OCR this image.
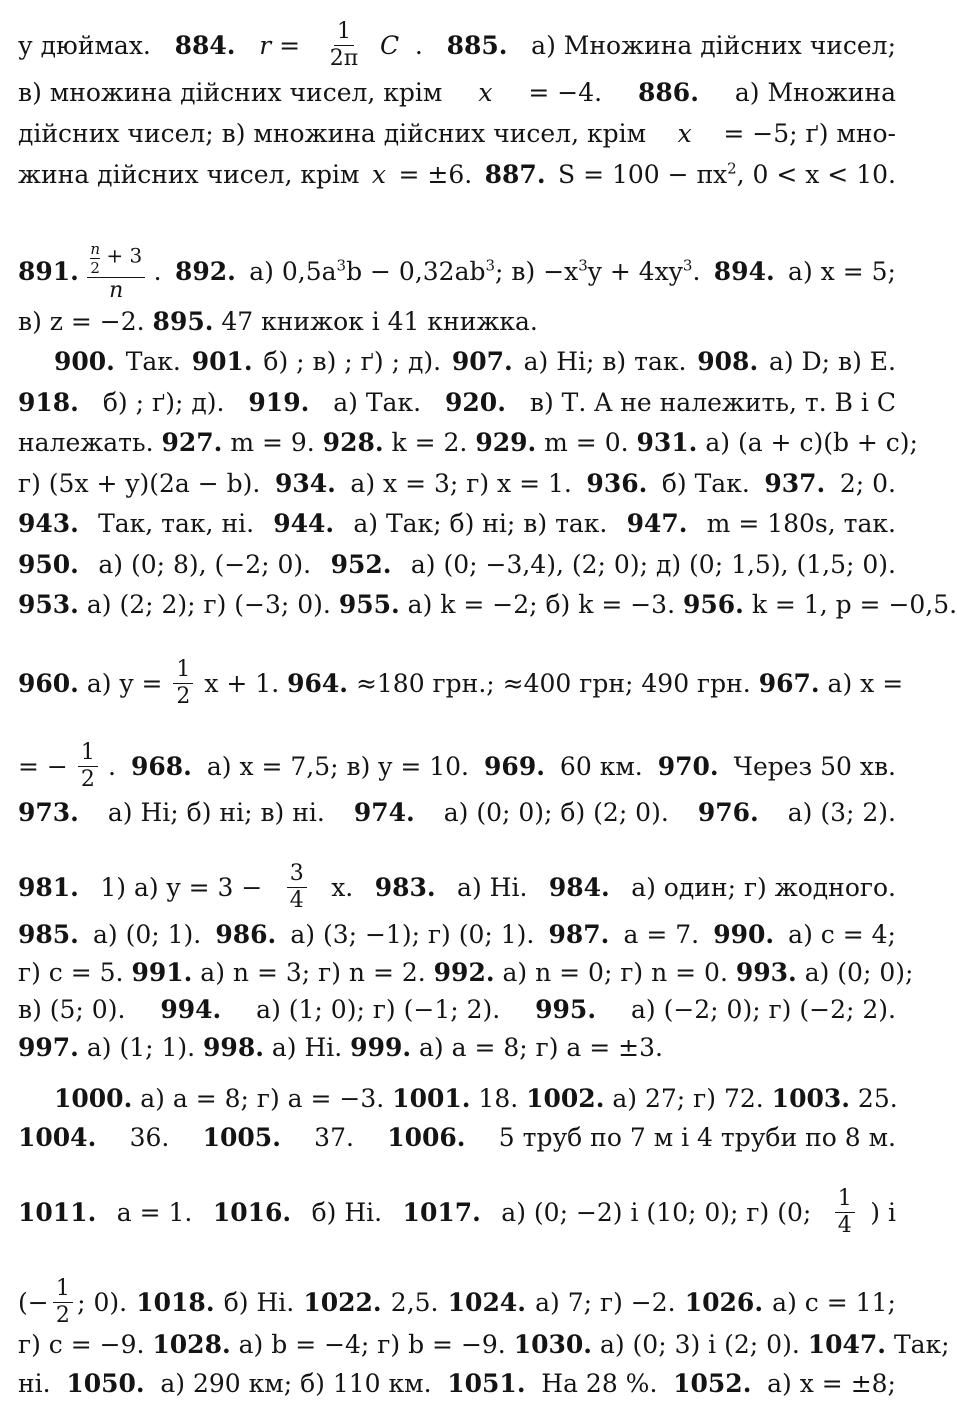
у дюймах. 884. $r = \frac{1}{2\pi}$ C . 885. а) Множина дійсних чисел;
в) множина дійсних чисел, крім x = −4. 886. а) Множина
дійсних чисел; в) множина дійсних чисел, крім x = −5; ґ) мно-
жина дійсних чисел, крім x = ±6. 887. $S = 100 - \pi x^2$, 0 < x < 10.
891. $\frac{\frac{n}{2} + 3}{n}$ . 892. а) $0,5a^3b - 0,32ab^3$; $в) -x^3y + 4xy^3$. 894. а) x = 5;
в) z = −2. 895. 47 книжок і 41 книжка.
900. Так. 901. б) ; в) ; ґ) ; д). 907. а) Ні; в) так. 908. а) D; в) E.
918. б) ; ґ); д). 919. а) Так. 920. в) Т. A не належить, т. B і C
належать. 927. m = 9. 928. k = 2. 929. m = 0. 931. а) (a + c)(b + c);
г) (5x + y)(2a − b). 934. а) x = 3; г) x = 1. 936. б) Так. 937. 2; 0.
943. Так, так, ні. 944. а) Так; б) ні; в) так. 947. m = 180s, так.
950. а) (0; 8), (−2; 0). 952. а) (0; −3,4), (2; 0); д) (0; 1,5), (1,5; 0).
953. а) (2; 2); г) (−3; 0). 955. а) k = −2; б) k = −3. 956. k = 1, p = −0,5.
960. а) $y = \frac{1}{2}$ x + 1. 964. ≈180 грн.; ≈400 грн; 490 грн. 967. а) x =
= − $\frac{1}{2}$ . 968. а) x = 7,5; в) y = 10. 969. 60 км. 970. Через 50 хв.
973. а) Ні; б) ні; в) ні. 974. а) (0; 0); б) (2; 0). 976. а) (3; 2).
981. 1) а) $y = 3 - \frac{3}{4} x$. 983. а) Ні. 984. а) один; г) жодного.
985. а) (0; 1). 986. а) (3; −1); г) (0; 1). 987. a = 7. 990. а) c = 4;
г) c = 5. 991. а) n = 3; г) n = 2. 992. а) n = 0; г) n = 0. 993. а) (0; 0);
в) (5; 0). 994. а) (1; 0); г) (−1; 2). 995. а) (−2; 0); г) (−2; 2).
997. а) (1; 1). 998. а) Ні. 999. а) a = 8; г) a = ±3.
1000. а) a = 8; г) a = −3. 1001. 18. 1002. а) 27; г) 72. 1003. 25.
1004. 36. 1005. 37. 1006. 5 труб по 7 м і 4 труби по 8 м.
1011. a = 1. 1016. б) Ні. 1017. а) (0; −2) і (10; 0); г) (0; $\frac{1}{4}$ ) і
(− $\frac{1}{2}$ ; 0). 1018. б) Ні. 1022. 2,5. 1024. а) 7; г) −2. 1026. а) c = 11;
г) c = −9. 1028. а) b = −4; г) b = −9. 1030. а) (0; 3) і (2; 0). 1047. Так;
ні. 1050. а) 290 км; б) 110 км. 1051. На 28 %. 1052. а) x = ±8;
